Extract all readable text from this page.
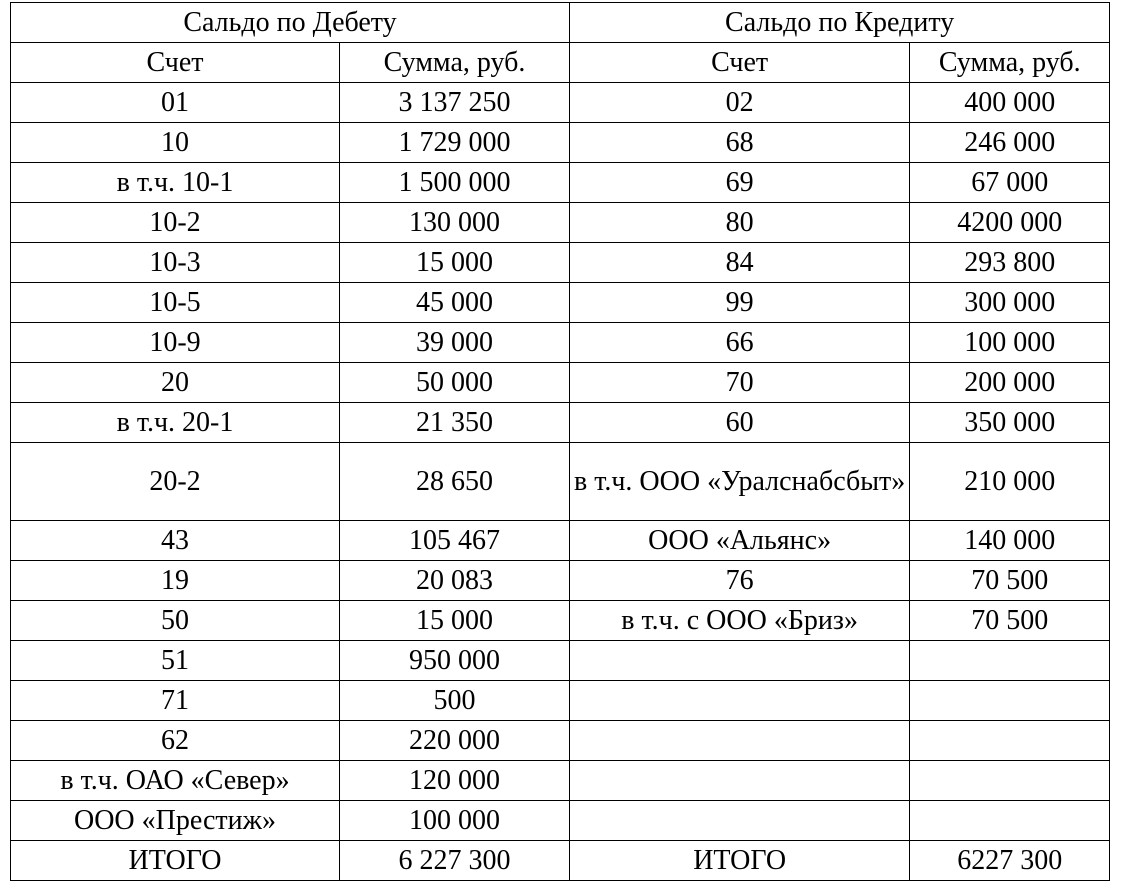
Сальдо по Дебету		Сальдо по Кредиту	
Счет	Сумма, руб.	Счет	Сумма, руб.
01	3 137 250	02	400 000
10	1 729 000	68	246 000
в т.ч. 10-1	1 500 000	69	67 000
10-2	130 000	80	4200 000
10-3	15 000	84	293 800
10-5	45 000	99	300 000
10-9	39 000	66	100 000
20	50 000	70	200 000
в т.ч. 20-1	21 350	60	350 000
20-2	28 650	в т.ч. ООО «Уралснабсбыт»	210 000
43	105 467	ООО «Альянс»	140 000
19	20 083	76	70 500
50	15 000	в т.ч. с ООО «Бриз»	70 500
51	950 000		
71	500		
62	220 000		
в т.ч. ОАО «Север»	120 000		
ООО «Престиж»	100 000		
ИТОГО	6 227 300	ИТОГО	6227 300
